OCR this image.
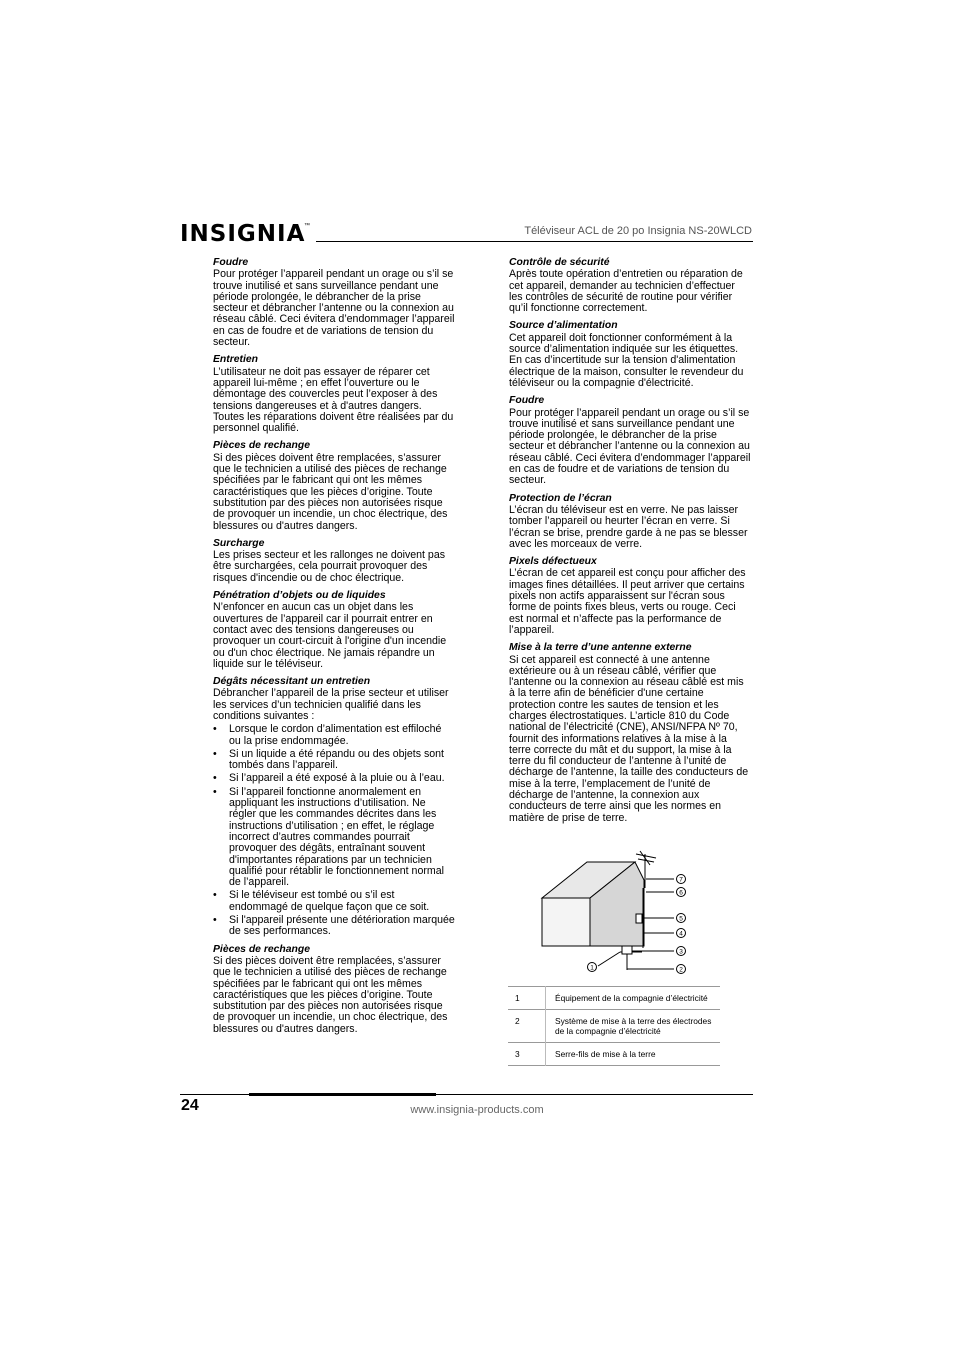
INSIGNIA
™	Téléviseur ACL de 20 po Insignia NS-20WLCD
Foudre

Pour protéger l’appareil pendant un orage ou s’il se trouve inutilisé et sans surveillance pendant une période prolongée, le débrancher de la prise secteur et débrancher l’antenne ou la connexion au réseau câblé. Ceci évitera d’endommager l’appareil en cas de foudre et de variations de tension du secteur.

Entretien

L’utilisateur ne doit pas essayer de réparer cet appareil lui-même ; en effet l’ouverture ou le démontage des couvercles peut l’exposer à des tensions dangereuses et à d'autres dangers. Toutes les réparations doivent être réalisées par du personnel qualifié.

Pièces de rechange

Si des pièces doivent être remplacées, s’assurer que le technicien a utilisé des pièces de rechange spécifiées par le fabricant qui ont les mêmes caractéristiques que les pièces d’origine. Toute substitution par des pièces non autorisées risque de provoquer un incendie, un choc électrique, des blessures ou d'autres dangers.

Surcharge

Les prises secteur et les rallonges ne doivent pas être surchargées, cela pourrait provoquer des risques d'incendie ou de choc électrique.

Pénétration d’objets ou de liquides

N’enfoncer en aucun cas un objet dans les ouvertures de l’appareil car il pourrait entrer en contact avec des tensions dangereuses ou provoquer un court-circuit à l'origine d'un incendie ou d'un choc électrique. Ne jamais répandre un liquide sur le téléviseur.

Dégâts nécessitant un entretien

Débrancher l’appareil de la prise secteur et utiliser les services d’un technicien qualifié dans les conditions suivantes :

• Lorsque le cordon d’alimentation est effiloché ou la prise endommagée.
• Si un liquide a été répandu ou des objets sont tombés dans l’appareil.
• Si l’appareil a été exposé à la pluie ou à l’eau.
• Si l’appareil fonctionne anormalement en appliquant les instructions d’utilisation. Ne régler que les commandes décrites dans les instructions d’utilisation ; en effet, le réglage incorrect d’autres commandes pourrait provoquer des dégâts, entraînant souvent d'importantes réparations par un technicien qualifié pour rétablir le fonctionnement normal de l’appareil.
• Si le téléviseur est tombé ou s’il est endommagé de quelque façon que ce soit.
• Si l'appareil présente une détérioration marquée de ses performances.
Pièces de rechange

Si des pièces doivent être remplacées, s’assurer que le technicien a utilisé des pièces de rechange spécifiées par le fabricant qui ont les mêmes caractéristiques que les pièces d’origine. Toute substitution par des pièces non autorisées risque de provoquer un incendie, un choc électrique, des blessures ou d'autres dangers.

Contrôle de sécurité

Après toute opération d’entretien ou réparation de cet appareil, demander au technicien d’effectuer les contrôles de sécurité de routine pour vérifier qu’il fonctionne correctement.

Source d’alimentation

Cet appareil doit fonctionner conformément à la source d’alimentation indiquée sur les étiquettes. En cas d’incertitude sur la tension d'alimentation électrique de la maison, consulter le revendeur du téléviseur ou la compagnie d'électricité.

Foudre

Pour protéger l’appareil pendant un orage ou s’il se trouve inutilisé et sans surveillance pendant une période prolongée, le débrancher de la prise secteur et débrancher l’antenne ou la connexion au réseau câblé. Ceci évitera d’endommager l’appareil en cas de foudre et de variations de tension du secteur.

Protection de l’écran

L’écran du téléviseur est en verre. Ne pas laisser tomber l’appareil ou heurter l’écran en verre. Si l’écran se brise, prendre garde à ne pas se blesser avec les morceaux de verre.

Pixels défectueux

L’écran de cet appareil est conçu pour afficher des images fines détaillées. Il peut arriver que certains pixels non actifs apparaissent sur l'écran sous forme de points fixes bleus, verts ou rouge. Ceci est normal et n’affecte pas la performance de l’appareil.

Mise à la terre d’une antenne externe

Si cet appareil est connecté à une antenne extérieure ou à un réseau câblé, vérifier que l'antenne ou la connexion au réseau câblé est mis à la terre afin de bénéficier d'une certaine protection contre les sautes de tension et les charges électrostatiques. L’article 810 du Code national de l’électricité (CNE), ANSI/NFPA Nº 70, fournit des informations relatives à la mise à la terre correcte du mât et du support, la mise à la terre du fil conducteur de l’antenne à l’unité de décharge de l’antenne, la taille des conducteurs de mise à la terre, l’emplacement de l’unité de décharge de l’antenne, la connexion aux conducteurs de terre ainsi que les normes en matière de prise de terre.

7
6
5
4
3
2
1
1	Équipement de la compagnie d’électricité
2	Système de mise à la terre des électrodes de la compagnie d’électricité
3	Serre-fils de mise à la terre
24	www.insignia-products.com
